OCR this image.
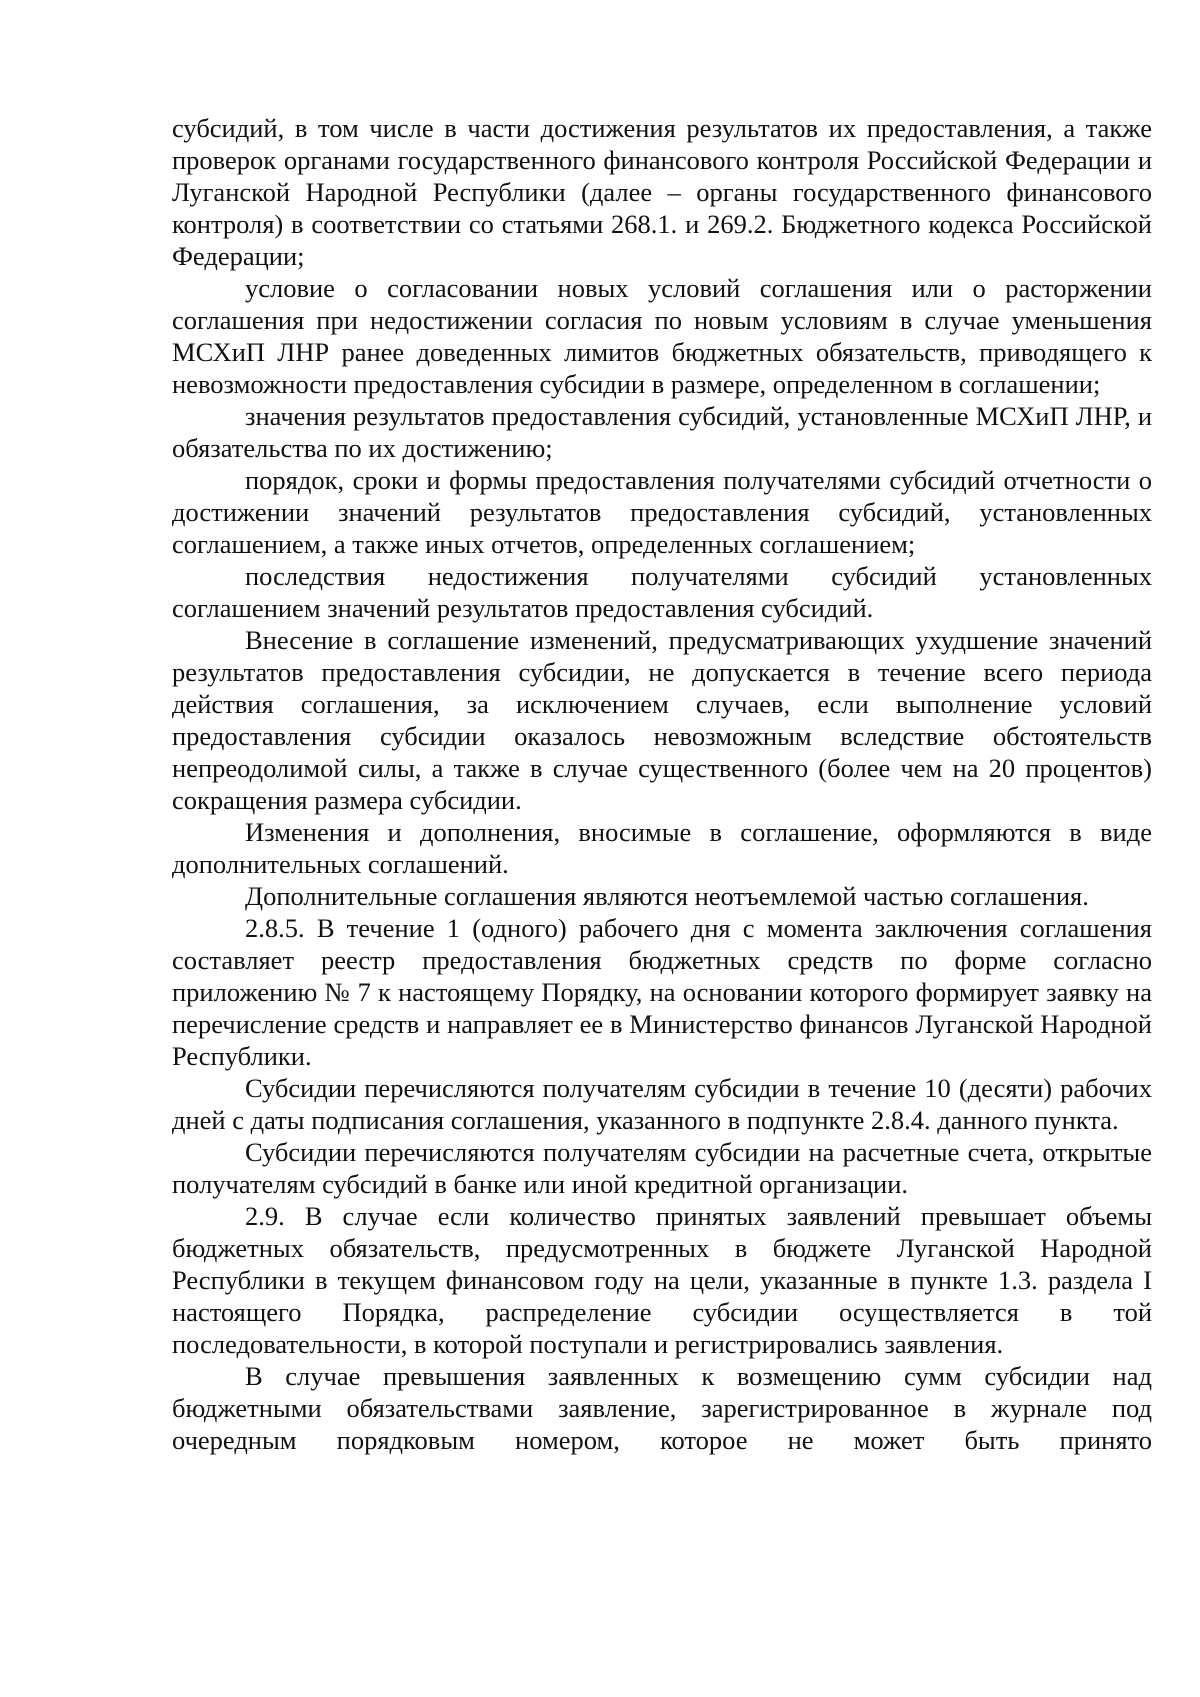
субсидий, в том числе в части достижения результатов их предоставления, а также проверок органами государственного финансового контроля Российской Федерации и Луганской Народной Республики (далее – органы государственного финансового контроля) в соответствии со статьями 268.1. и 269.2. Бюджетного кодекса Российской Федерации;

условие о согласовании новых условий соглашения или о расторжении соглашения при недостижении согласия по новым условиям в случае уменьшения МСХиП ЛНР ранее доведенных лимитов бюджетных обязательств, приводящего к невозможности предоставления субсидии в размере, определенном в соглашении;

значения результатов предоставления субсидий, установленные МСХиП ЛНР, и обязательства по их достижению;

порядок, сроки и формы предоставления получателями субсидий отчетности о достижении значений результатов предоставления субсидий, установленных соглашением, а также иных отчетов, определенных соглашением;

последствия недостижения получателями субсидий установленных соглашением значений результатов предоставления субсидий.

Внесение в соглашение изменений, предусматривающих ухудшение значений результатов предоставления субсидии, не допускается в течение всего периода действия соглашения, за исключением случаев, если выполнение условий предоставления субсидии оказалось невозможным вследствие обстоятельств непреодолимой силы, а также в случае существенного (более чем на 20 процентов) сокращения размера субсидии.

Изменения и дополнения, вносимые в соглашение, оформляются в виде дополнительных соглашений.

Дополнительные соглашения являются неотъемлемой частью соглашения.

2.8.5. В течение 1 (одного) рабочего дня с момента заключения соглашения составляет реестр предоставления бюджетных средств по форме согласно приложению № 7 к настоящему Порядку, на основании которого формирует заявку на перечисление средств и направляет ее в Министерство финансов Луганской Народной Республики.

Субсидии перечисляются получателям субсидии в течение 10 (десяти) рабочих дней с даты подписания соглашения, указанного в подпункте 2.8.4. данного пункта.

Субсидии перечисляются получателям субсидии на расчетные счета, открытые получателям субсидий в банке или иной кредитной организации.

2.9. В случае если количество принятых заявлений превышает объемы бюджетных обязательств, предусмотренных в бюджете Луганской Народной Республики в текущем финансовом году на цели, указанные в пункте 1.3. раздела I настоящего Порядка, распределение субсидии осуществляется в той последовательности, в которой поступали и регистрировались заявления.

В случае превышения заявленных к возмещению сумм субсидии над бюджетными обязательствами заявление, зарегистрированное в журнале под очередным порядковым номером, которое не может быть принято
